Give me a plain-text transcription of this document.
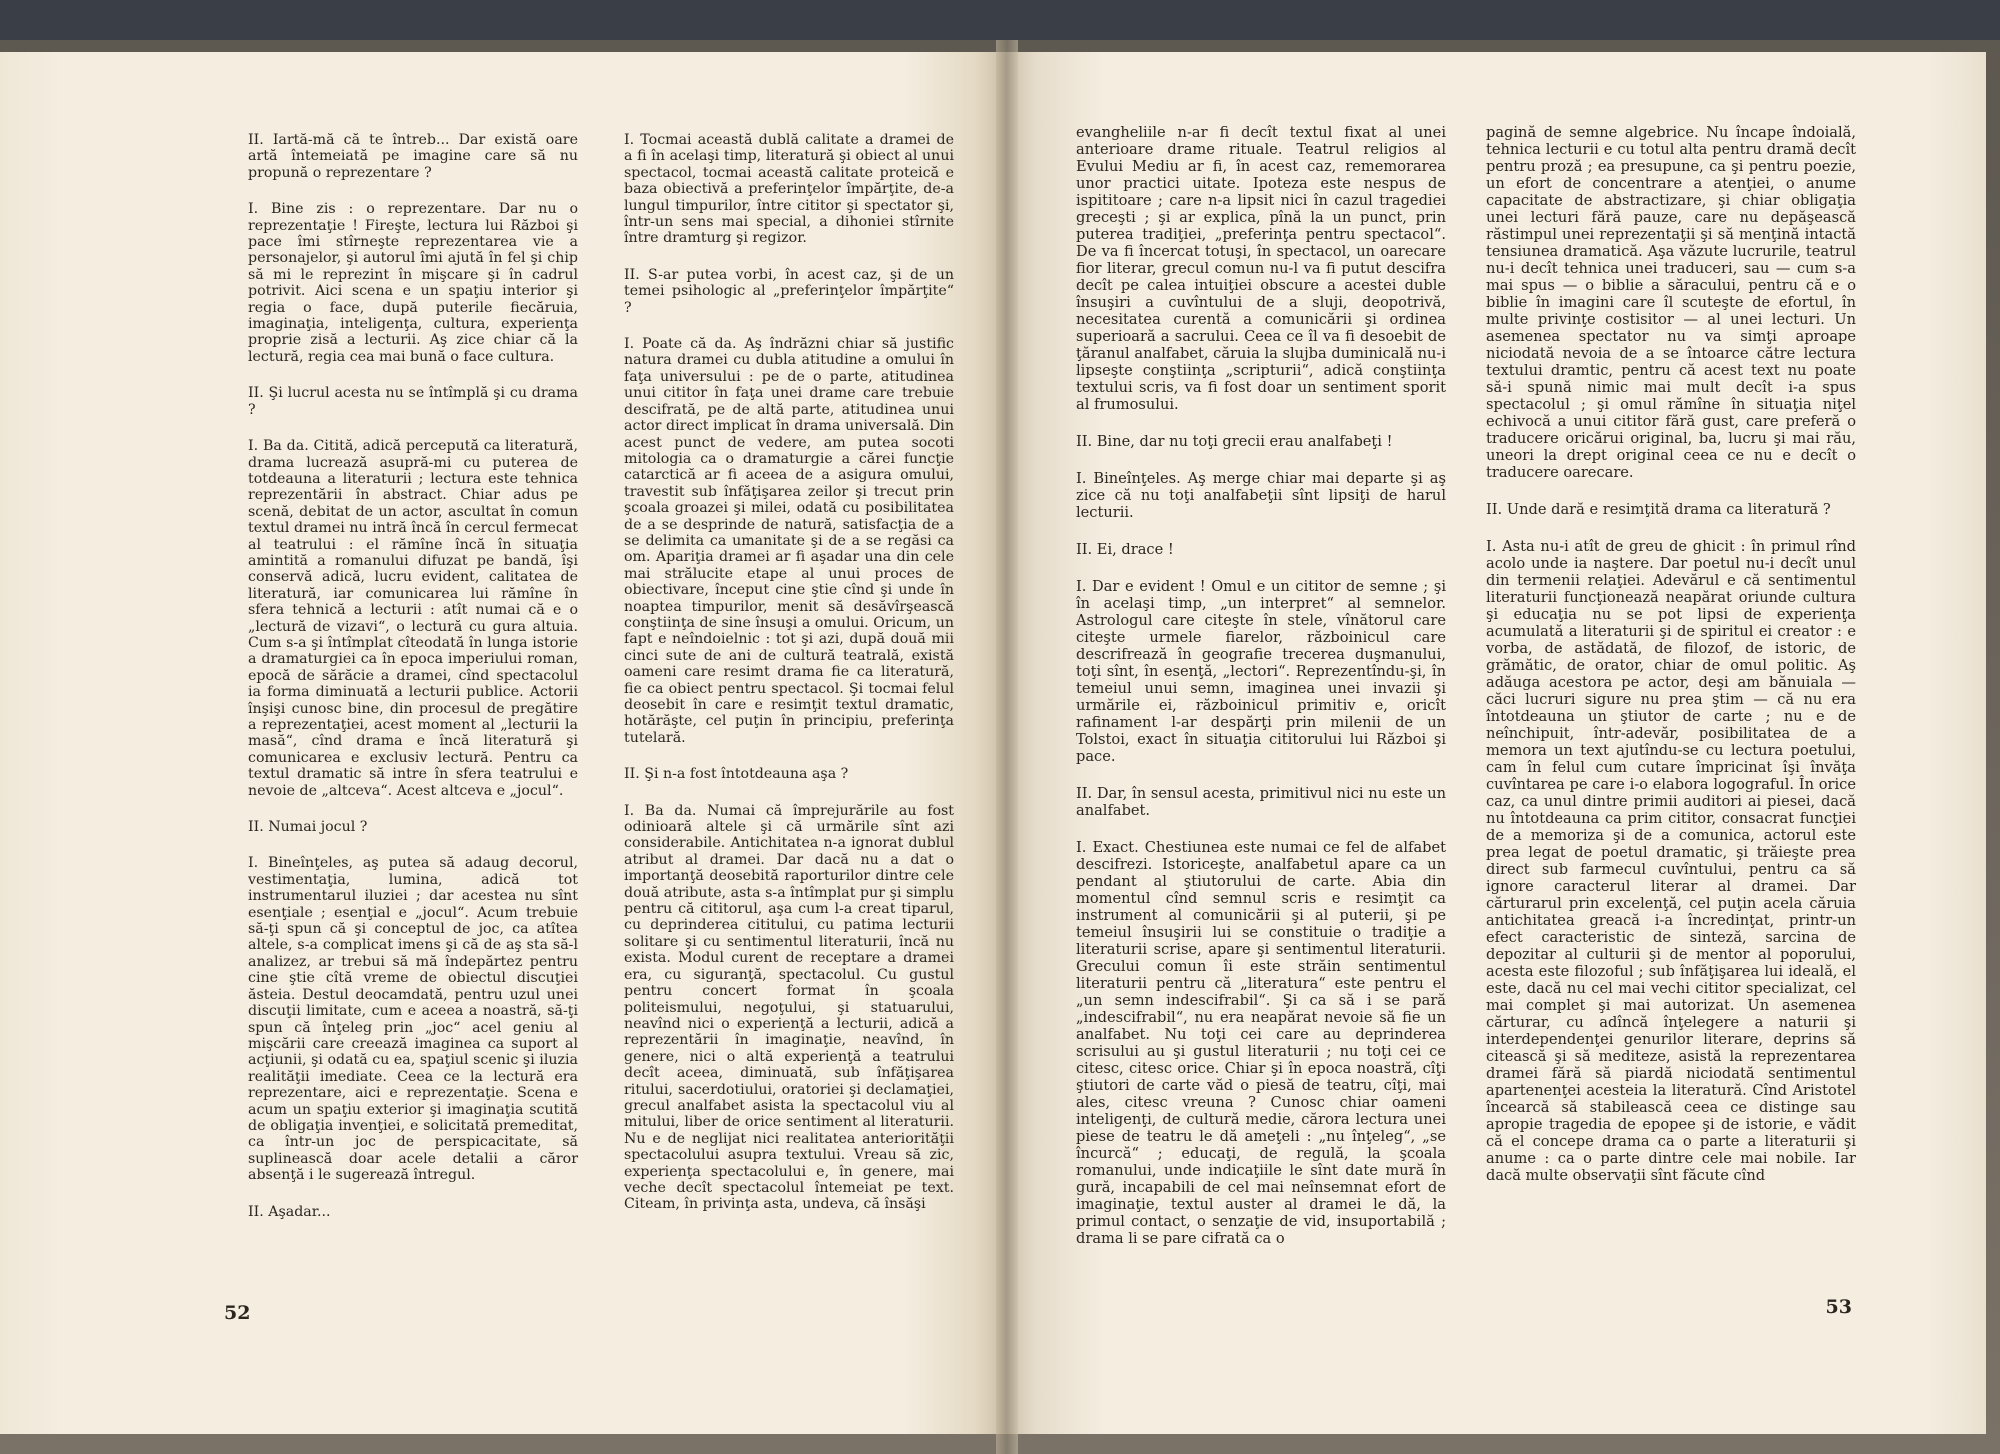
II. Iartă-mă că te întreb... Dar există oare artă întemeiată pe imagine care să nu propună o reprezentare ?

I. Bine zis : o reprezentare. Dar nu o reprezentaţie ! Fireşte, lectura lui Război şi pace îmi stîrneşte reprezentarea vie a personajelor, şi autorul îmi ajută în fel şi chip să mi le reprezint în mişcare şi în cadrul potrivit. Aici scena e un spaţiu interior şi regia o face, după puterile fiecăruia, imaginaţia, inteligenţa, cultura, experienţa proprie zisă a lecturii. Aş zice chiar că la lectură, regia cea mai bună o face cultura.

II. Şi lucrul acesta nu se întîmplă şi cu drama ?

I. Ba da. Citită, adică percepută ca literatură, drama lucrează asupră-mi cu puterea de totdeauna a literaturii ; lectura este tehnica reprezentării în abstract. Chiar adus pe scenă, debitat de un actor, ascultat în comun textul dramei nu intră încă în cercul fermecat al teatrului : el rămîne încă în situaţia amintită a romanului difuzat pe bandă, îşi conservă adică, lucru evident, calitatea de literatură, iar comunicarea lui rămîne în sfera tehnică a lecturii : atît numai că e o „lectură de vizavi“, o lectură cu gura altuia. Cum s-a şi întîmplat cîteodată în lunga istorie a dramaturgiei ca în epoca imperiului roman, epocă de sărăcie a dramei, cînd spectacolul ia forma diminuată a lecturii publice. Actorii înşişi cunosc bine, din procesul de pregătire a reprezentaţiei, acest moment al „lecturii la masă“, cînd drama e încă literatură şi comunicarea e exclusiv lectură. Pentru ca textul dramatic să intre în sfera teatrului e nevoie de „altceva“. Acest altceva e „jocul“.

II. Numai jocul ?

I. Bineînţeles, aş putea să adaug decorul, vestimentaţia, lumina, adică tot instrumentarul iluziei ; dar acestea nu sînt esenţiale ; esenţial e „jocul“. Acum trebuie să-ţi spun că şi conceptul de joc, ca atîtea altele, s-a complicat imens şi că de aş sta să-l analizez, ar trebui să mă îndepărtez pentru cine ştie cîtă vreme de obiectul discuţiei ăsteia. Destul deocamdată, pentru uzul unei discuţii limitate, cum e aceea a noastră, să-ţi spun că înţeleg prin „joc“ acel geniu al mişcării care creează imaginea ca suport al acţiunii, şi odată cu ea, spaţiul scenic şi iluzia realităţii imediate. Ceea ce la lectură era reprezentare, aici e reprezentaţie. Scena e acum un spaţiu exterior şi imaginaţia scutită de obligaţia invenţiei, e solicitată premeditat, ca într-un joc de perspicacitate, să suplinească doar acele detalii a căror absenţă i le sugerează întregul.

II. Aşadar...

I. Tocmai această dublă calitate a dramei de a fi în acelaşi timp, literatură şi obiect al unui spectacol, tocmai această calitate proteică e baza obiectivă a preferinţelor împărţite, de-a lungul timpurilor, între cititor şi spectator şi, într-un sens mai special, a dihoniei stîrnite între dramturg şi regizor.

II. S-ar putea vorbi, în acest caz, şi de un temei psihologic al „preferinţelor împărţite“ ?

I. Poate că da. Aş îndrăzni chiar să justific natura dramei cu dubla atitudine a omului în faţa universului : pe de o parte, atitudinea unui cititor în faţa unei drame care trebuie descifrată, pe de altă parte, atitudinea unui actor direct implicat în drama universală. Din acest punct de vedere, am putea socoti mitologia ca o dramaturgie a cărei funcţie catarctică ar fi aceea de a asigura omului, travestit sub înfăţişarea zeilor şi trecut prin şcoala groazei şi milei, odată cu posibilitatea de a se desprinde de natură, satisfacţia de a se delimita ca umanitate şi de a se regăsi ca om. Apariţia dramei ar fi aşadar una din cele mai strălucite etape al unui proces de obiectivare, început cine ştie cînd şi unde în noaptea timpurilor, menit să desăvîrşească conştiinţa de sine însuşi a omului. Oricum, un fapt e neîndoielnic : tot şi azi, după două mii cinci sute de ani de cultură teatrală, există oameni care resimt drama fie ca literatură, fie ca obiect pentru spectacol. Şi tocmai felul deosebit în care e resimţit textul dramatic, hotărăşte, cel puţin în principiu, preferinţa tutelară.

II. Şi n-a fost întotdeauna aşa ?

I. Ba da. Numai că împrejurările au fost odinioară altele şi că urmările sînt azi considerabile. Antichitatea n-a ignorat dublul atribut al dramei. Dar dacă nu a dat o importanţă deosebită raporturilor dintre cele două atribute, asta s-a întîmplat pur şi simplu pentru că cititorul, aşa cum l-a creat tiparul, cu deprinderea cititului, cu patima lecturii solitare şi cu sentimentul literaturii, încă nu exista. Modul curent de receptare a dramei era, cu siguranţă, spectacolul. Cu gustul pentru concert format în şcoala politeismului, negoţului, şi statuarului, neavînd nici o experienţă a lecturii, adică a reprezentării în imaginaţie, neavînd, în genere, nici o altă experienţă a teatrului decît aceea, diminuată, sub înfăţişarea ritului, sacerdotiului, oratoriei şi declamaţiei, grecul analfabet asista la spectacolul viu al mitului, liber de orice sentiment al literaturii. Nu e de neglijat nici realitatea anteriorităţii spectacolului asupra textului. Vreau să zic, experienţa spectacolului e, în genere, mai veche decît spectacolul întemeiat pe text. Citeam, în privinţa asta, undeva, că însăşi

52

evangheliile n-ar fi decît textul fixat al unei anterioare drame rituale. Teatrul religios al Evului Mediu ar fi, în acest caz, rememorarea unor practici uitate. Ipoteza este nespus de ispititoare ; care n-a lipsit nici în cazul tragediei greceşti ; şi ar explica, pînă la un punct, prin puterea tradiţiei, „preferinţa pentru spectacol“. De va fi încercat totuşi, în spectacol, un oarecare fior literar, grecul comun nu-l va fi putut descifra decît pe calea intuiţiei obscure a acestei duble însuşiri a cuvîntului de a sluji, deopotrivă, necesitatea curentă a comunicării şi ordinea superioară a sacrului. Ceea ce îl va fi desoebit de ţăranul analfabet, căruia la slujba duminicală nu-i lipseşte conştiinţa „scripturii“, adică conştiinţa textului scris, va fi fost doar un sentiment sporit al frumosului.

II. Bine, dar nu toţi grecii erau analfabeţi !

I. Bineînţeles. Aş merge chiar mai departe şi aş zice că nu toţi analfabeţii sînt lipsiţi de harul lecturii.

II. Ei, drace !

I. Dar e evident ! Omul e un cititor de semne ; şi în acelaşi timp, „un interpret“ al semnelor. Astrologul care citeşte în stele, vînătorul care citeşte urmele fiarelor, războinicul care descrifrează în geografie trecerea duşmanului, toţi sînt, în esenţă, „lectori“. Reprezentîndu-şi, în temeiul unui semn, imaginea unei invazii şi urmările ei, războinicul primitiv e, oricît rafinament l-ar despărţi prin milenii de un Tolstoi, exact în situaţia cititorului lui Război şi pace.

II. Dar, în sensul acesta, primitivul nici nu este un analfabet.

I. Exact. Chestiunea este numai ce fel de alfabet descifrezi. Istoriceşte, analfabetul apare ca un pendant al ştiutorului de carte. Abia din momentul cînd semnul scris e resimţit ca instrument al comunicării şi al puterii, şi pe temeiul însuşirii lui se constituie o tradiţie a literaturii scrise, apare şi sentimentul literaturii. Grecului comun îi este străin sentimentul literaturii pentru că „literatura“ este pentru el „un semn indescifrabil“. Şi ca să i se pară „indescifrabil“, nu era neapărat nevoie să fie un analfabet. Nu toţi cei care au deprinderea scrisului au şi gustul literaturii ; nu toţi cei ce citesc, citesc orice. Chiar şi în epoca noastră, cîţi ştiutori de carte văd o piesă de teatru, cîţi, mai ales, citesc vreuna ? Cunosc chiar oameni inteligenţi, de cultură medie, cărora lectura unei piese de teatru le dă ameţeli : „nu înţeleg“, „se încurcă“ ; educaţi, de regulă, la şcoala romanului, unde indicaţiile le sînt date mură în gură, incapabili de cel mai neînsemnat efort de imaginaţie, textul auster al dramei le dă, la primul contact, o senzaţie de vid, insuportabilă ; drama li se pare cifrată ca o

pagină de semne algebrice. Nu încape îndoială, tehnica lecturii e cu totul alta pentru dramă decît pentru proză ; ea presupune, ca şi pentru poezie, un efort de concentrare a atenţiei, o anume capacitate de abstractizare, şi chiar obligaţia unei lecturi fără pauze, care nu depăşească răstimpul unei reprezentaţii şi să menţină intactă tensiunea dramatică. Aşa văzute lucrurile, teatrul nu-i decît tehnica unei traduceri, sau — cum s-a mai spus — o biblie a săracului, pentru că e o biblie în imagini care îl scuteşte de efortul, în multe privinţe costisitor — al unei lecturi. Un asemenea spectator nu va simţi aproape niciodată nevoia de a se întoarce către lectura textului dramtic, pentru că acest text nu poate să-i spună nimic mai mult decît i-a spus spectacolul ; şi omul rămîne în situaţia niţel echivocă a unui cititor fără gust, care preferă o traducere oricărui original, ba, lucru şi mai rău, uneori la drept original ceea ce nu e decît o traducere oarecare.

II. Unde dară e resimţită drama ca literatură ?

I. Asta nu-i atît de greu de ghicit : în primul rînd acolo unde ia naştere. Dar poetul nu-i decît unul din termenii relaţiei. Adevărul e că sentimentul literaturii funcţionează neapărat oriunde cultura şi educaţia nu se pot lipsi de experienţa acumulată a literaturii şi de spiritul ei creator : e vorba, de astădată, de filozof, de istoric, de grămătic, de orator, chiar de omul politic. Aş adăuga acestora pe actor, deşi am bănuiala — căci lucruri sigure nu prea ştim — că nu era întotdeauna un ştiutor de carte ; nu e de neînchipuit, într-adevăr, posibilitatea de a memora un text ajutîndu-se cu lectura poetului, cam în felul cum cutare împricinat îşi învăţa cuvîntarea pe care i-o elabora logograful. În orice caz, ca unul dintre primii auditori ai piesei, dacă nu întotdeauna ca prim cititor, consacrat funcţiei de a memoriza şi de a comunica, actorul este prea legat de poetul dramatic, şi trăieşte prea direct sub farmecul cuvîntului, pentru ca să ignore caracterul literar al dramei. Dar cărturarul prin excelenţă, cel puţin acela căruia antichitatea greacă i-a încredinţat, printr-un efect caracteristic de sinteză, sarcina de depozitar al culturii şi de mentor al poporului, acesta este filozoful ; sub înfăţişarea lui ideală, el este, dacă nu cel mai vechi cititor specializat, cel mai complet şi mai autorizat. Un asemenea cărturar, cu adîncă înţelegere a naturii şi interdependenţei genurilor literare, deprins să citească şi să mediteze, asistă la reprezentarea dramei fără să piardă niciodată sentimentul apartenenţei acesteia la literatură. Cînd Aristotel încearcă să stabilească ceea ce distinge sau apropie tragedia de epopee şi de istorie, e vădit că el concepe drama ca o parte a literaturii şi anume : ca o parte dintre cele mai nobile. Iar dacă multe observaţii sînt făcute cînd

53
